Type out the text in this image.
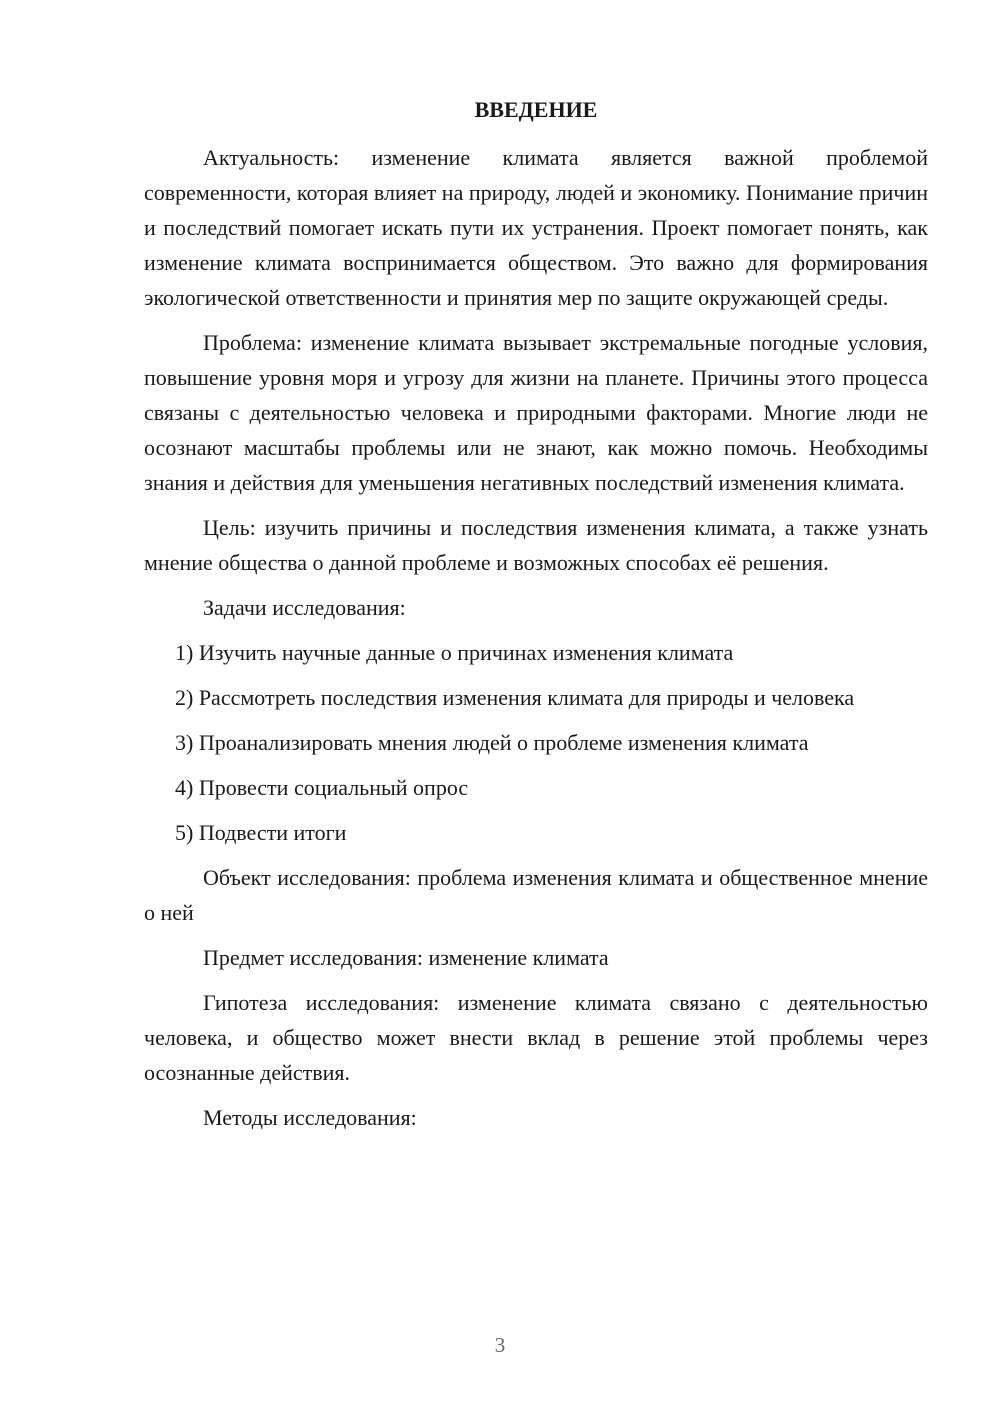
ВВЕДЕНИЕ
Актуальность: изменение климата является важной проблемой современности, которая влияет на природу, людей и экономику. Понимание причин и последствий помогает искать пути их устранения. Проект помогает понять, как изменение климата воспринимается обществом. Это важно для формирования экологической ответственности и принятия мер по защите окружающей среды.
Проблема: изменение климата вызывает экстремальные погодные условия, повышение уровня моря и угрозу для жизни на планете. Причины этого процесса связаны с деятельностью человека и природными факторами. Многие люди не осознают масштабы проблемы или не знают, как можно помочь. Необходимы знания и действия для уменьшения негативных последствий изменения климата.
Цель: изучить причины и последствия изменения климата, а также узнать мнение общества о данной проблеме и возможных способах её решения.
Задачи исследования:
1) Изучить научные данные о причинах изменения климата
2) Рассмотреть последствия изменения климата для природы и человека
3) Проанализировать мнения людей о проблеме изменения климата
4) Провести социальный опрос
5) Подвести итоги
Объект исследования: проблема изменения климата и общественное мнение о ней
Предмет исследования: изменение климата
Гипотеза исследования: изменение климата связано с деятельностью человека, и общество может внести вклад в решение этой проблемы через осознанные действия.
Методы исследования:
3
